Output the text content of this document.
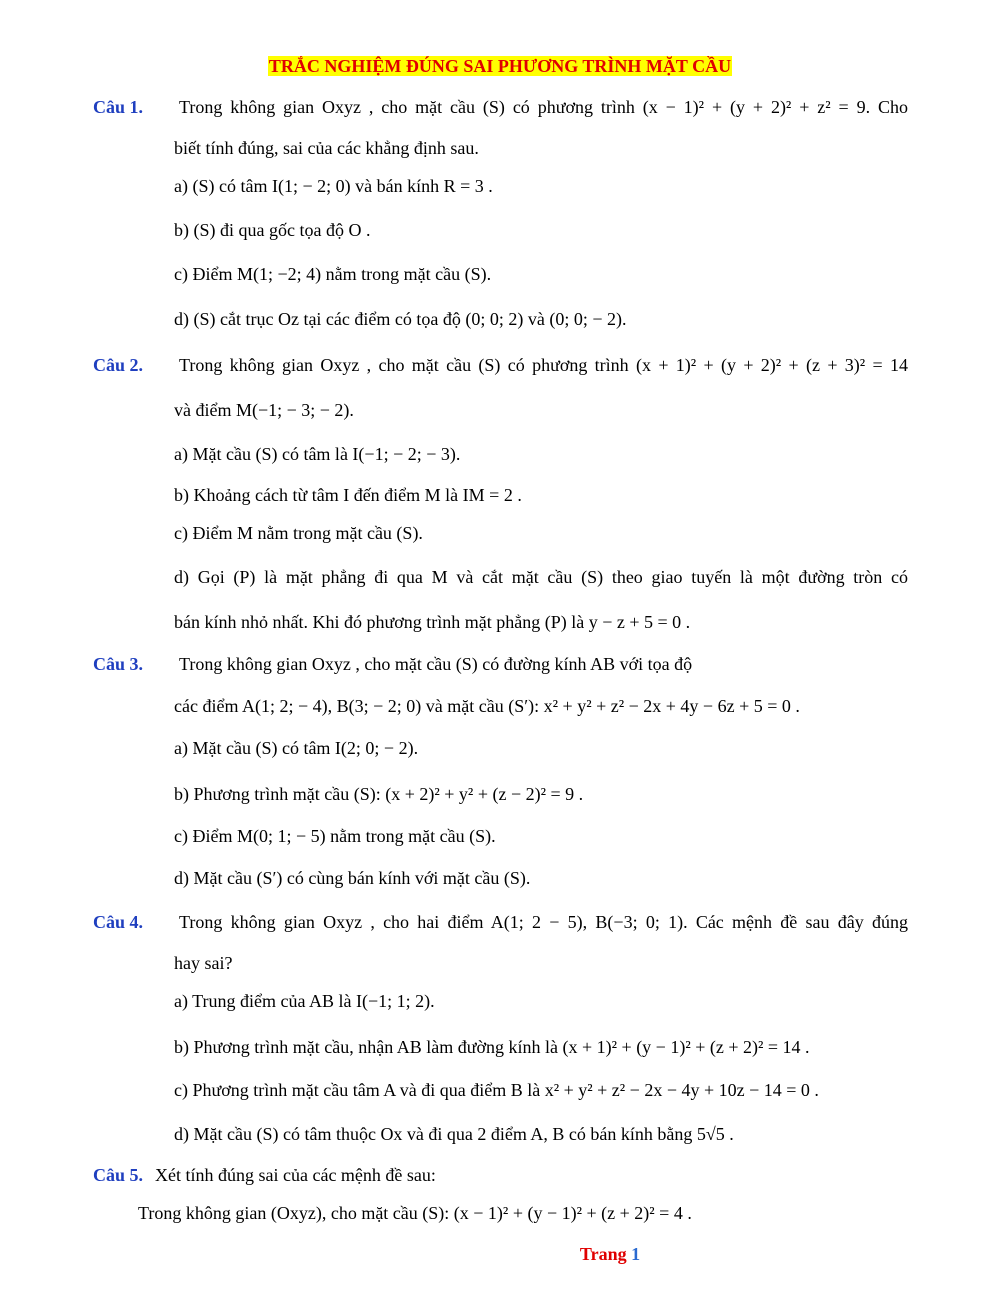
TRẮC NGHIỆM ĐÚNG SAI PHƯƠNG TRÌNH MẶT CẦU
Câu 1. Trong không gian Oxyz , cho mặt cầu (S) có phương trình (x − 1)² + (y + 2)² + z² = 9. Cho
biết tính đúng, sai của các khẳng định sau.
a) (S) có tâm I(1; − 2; 0) và bán kính R = 3 .
b) (S) đi qua gốc tọa độ O .
c) Điểm M(1; −2; 4) nằm trong mặt cầu (S).
d) (S) cắt trục Oz tại các điểm có tọa độ (0; 0; 2) và (0; 0; − 2).
Câu 2. Trong không gian Oxyz , cho mặt cầu (S) có phương trình (x + 1)² + (y + 2)² + (z + 3)² = 14
và điểm M(−1; − 3; − 2).
a) Mặt cầu (S) có tâm là I(−1; − 2; − 3).
b) Khoảng cách từ tâm I đến điểm M là IM = 2 .
c) Điểm M nằm trong mặt cầu (S).
d) Gọi (P) là mặt phẳng đi qua M và cắt mặt cầu (S) theo giao tuyến là một đường tròn có
bán kính nhỏ nhất. Khi đó phương trình mặt phẳng (P) là y − z + 5 = 0 .
Câu 3. Trong không gian Oxyz , cho mặt cầu (S) có đường kính AB với tọa độ
các điểm A(1; 2; − 4), B(3; − 2; 0) và mặt cầu (S′): x² + y² + z² − 2x + 4y − 6z + 5 = 0 .
a) Mặt cầu (S) có tâm I(2; 0; − 2).
b) Phương trình mặt cầu (S): (x + 2)² + y² + (z − 2)² = 9 .
c) Điểm M(0; 1; − 5) nằm trong mặt cầu (S).
d) Mặt cầu (S′) có cùng bán kính với mặt cầu (S).
Câu 4. Trong không gian Oxyz , cho hai điểm A(1; 2 − 5), B(−3; 0; 1). Các mệnh đề sau đây đúng
hay sai?
a) Trung điểm của AB là I(−1; 1; 2).
b) Phương trình mặt cầu, nhận AB làm đường kính là (x + 1)² + (y − 1)² + (z + 2)² = 14 .
c) Phương trình mặt cầu tâm A và đi qua điểm B là x² + y² + z² − 2x − 4y + 10z − 14 = 0 .
d) Mặt cầu (S) có tâm thuộc Ox và đi qua 2 điểm A, B có bán kính bằng 5√5 .
Câu 5. Xét tính đúng sai của các mệnh đề sau:
Trong không gian (Oxyz), cho mặt cầu (S): (x − 1)² + (y − 1)² + (z + 2)² = 4 .
Trang 1
